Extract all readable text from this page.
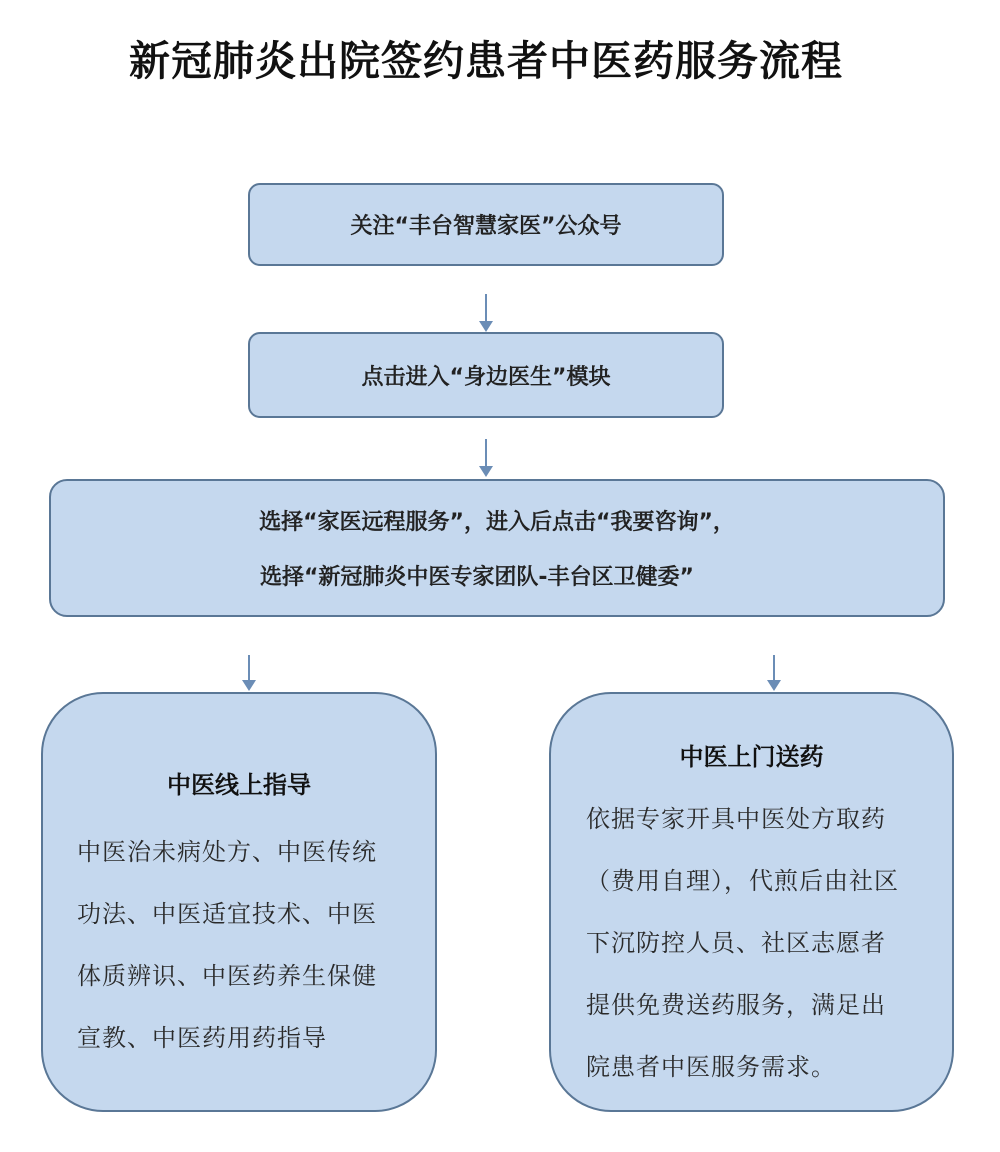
新冠肺炎出院签约患者中医药服务流程
关注“丰台智慧家医”公众号
点击进入“身边医生”模块
选择“家医远程服务”，进入后点击“我要咨询”，
选择“新冠肺炎中医专家团队-丰台区卫健委”
中医线上指导
中医治未病处方、中医传统
功法、中医适宜技术、中医
体质辨识、中医药养生保健
宣教、中医药用药指导
中医上门送药
依据专家开具中医处方取药
（费用自理），代煎后由社区
下沉防控人员、社区志愿者
提供免费送药服务，满足出
院患者中医服务需求。
